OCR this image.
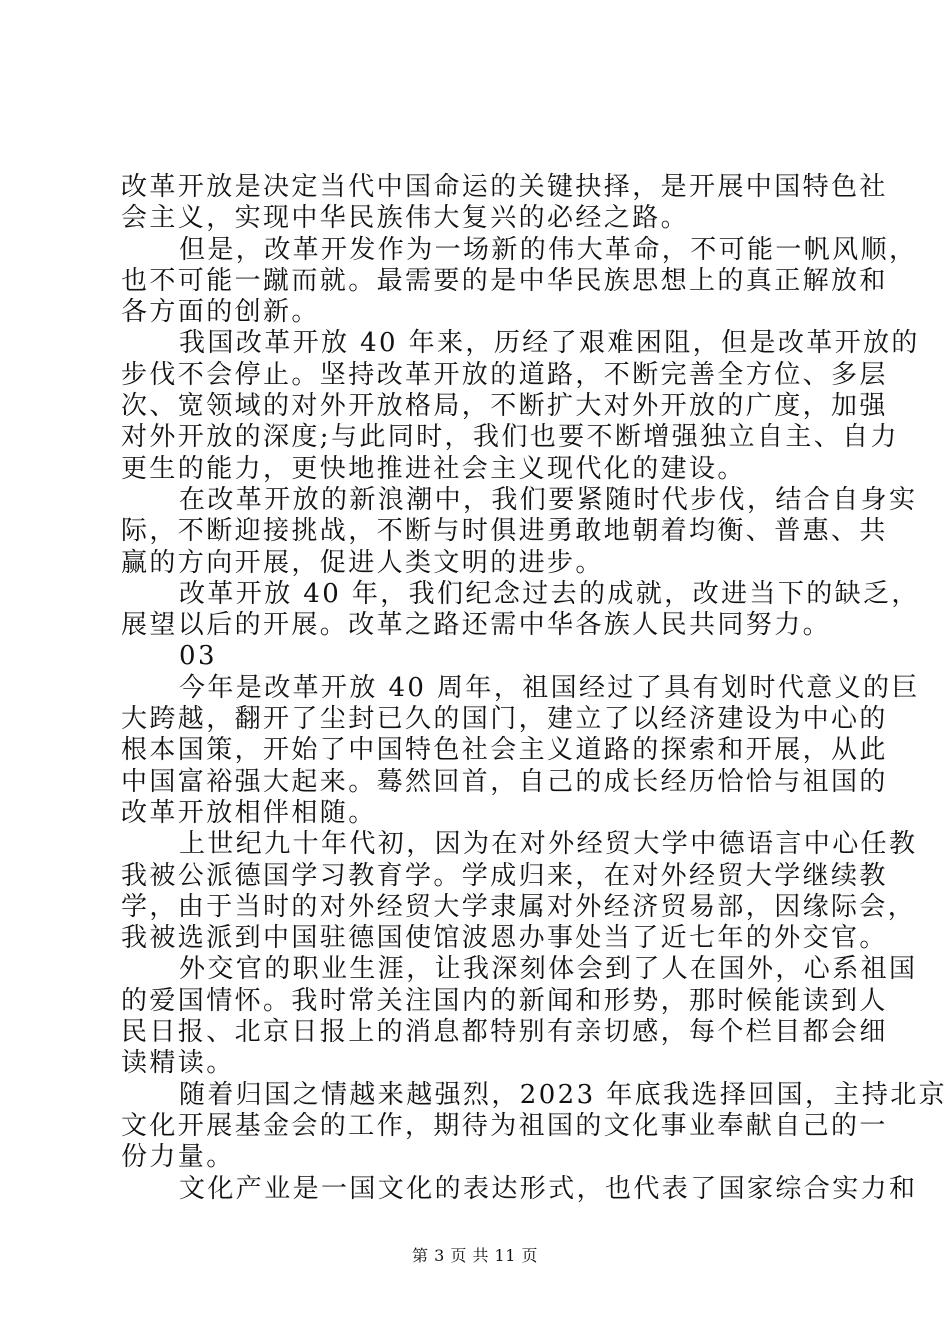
改革开放是决定当代中国命运的关键抉择，是开展中国特色社
会主义，实现中华民族伟大复兴的必经之路。
但是，改革开发作为一场新的伟大革命，不可能一帆风顺，
也不可能一蹴而就。最需要的是中华民族思想上的真正解放和
各方面的创新。
我国改革开放 40 年来，历经了艰难困阻，但是改革开放的
步伐不会停止。坚持改革开放的道路，不断完善全方位、多层
次、宽领域的对外开放格局，不断扩大对外开放的广度，加强
对外开放的深度;与此同时，我们也要不断增强独立自主、自力
更生的能力，更快地推进社会主义现代化的建设。
在改革开放的新浪潮中，我们要紧随时代步伐，结合自身实
际，不断迎接挑战，不断与时俱进勇敢地朝着均衡、普惠、共
赢的方向开展，促进人类文明的进步。
改革开放 40 年，我们纪念过去的成就，改进当下的缺乏，
展望以后的开展。改革之路还需中华各族人民共同努力。
03
今年是改革开放 40 周年，祖国经过了具有划时代意义的巨
大跨越，翻开了尘封已久的国门，建立了以经济建设为中心的
根本国策，开始了中国特色社会主义道路的探索和开展，从此
中国富裕强大起来。蓦然回首，自己的成长经历恰恰与祖国的
改革开放相伴相随。
上世纪九十年代初，因为在对外经贸大学中德语言中心任教
我被公派德国学习教育学。学成归来，在对外经贸大学继续教
学，由于当时的对外经贸大学隶属对外经济贸易部，因缘际会，
我被选派到中国驻德国使馆波恩办事处当了近七年的外交官。
外交官的职业生涯，让我深刻体会到了人在国外，心系祖国
的爱国情怀。我时常关注国内的新闻和形势，那时候能读到人
民日报、北京日报上的消息都特别有亲切感，每个栏目都会细
读精读。
随着归国之情越来越强烈，2023 年底我选择回国，主持北京
文化开展基金会的工作，期待为祖国的文化事业奉献自己的一
份力量。
文化产业是一国文化的表达形式，也代表了国家综合实力和
第 3 页 共 11 页
